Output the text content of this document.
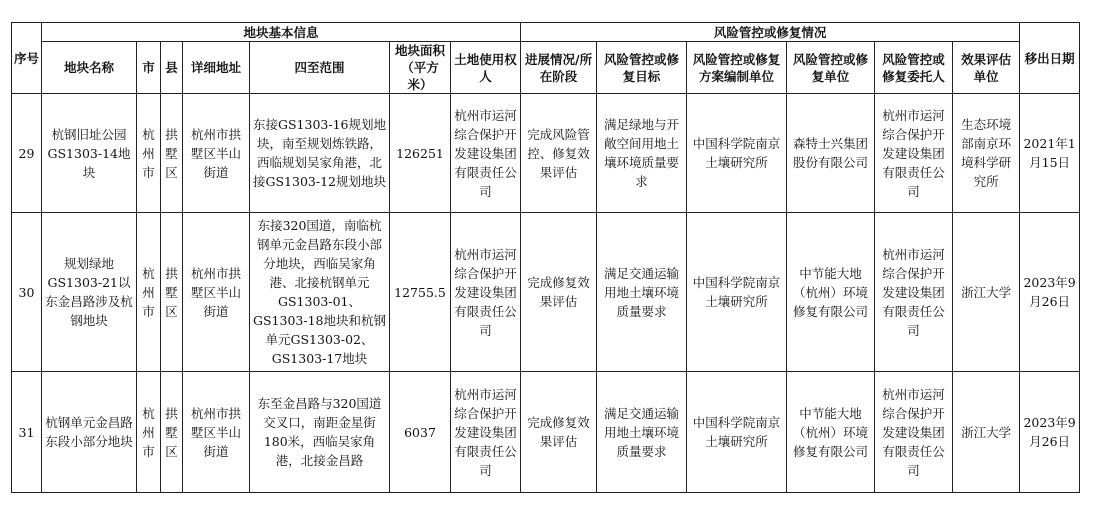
序号	地块基本信息							风险管控或修复情况						移出日期
	地块名称	市	县	详细地址	四至范围	地块面积（平方米）	土地使用权人	进展情况/所在阶段	风险管控或修复目标	风险管控或修复方案编制单位	风险管控或修复单位	风险管控或修复委托人	效果评估单位	
29	杭钢旧址公园GS1303-14地块	杭州市	拱墅区	杭州市拱墅区半山街道	东接GS1303-16规划地块，南至规划炼铁路，西临规划吴家角港，北接GS1303-12规划地块	126251	杭州市运河综合保护开发建设集团有限责任公司	完成风险管控、修复效果评估	满足绿地与开敞空间用地土壤环境质量要求	中国科学院南京土壤研究所	森特士兴集团股份有限公司	杭州市运河综合保护开发建设集团有限责任公司	生态环境部南京环境科学研究所	2021年1月15日
30	规划绿地GS1303-21以东金昌路涉及杭钢地块	杭州市	拱墅区	杭州市拱墅区半山街道	东接320国道，南临杭钢单元金昌路东段小部分地块，西临吴家角港、北接杭钢单元GS1303-01、GS1303-18地块和杭钢单元GS1303-02、GS1303-17地块	12755.5	杭州市运河综合保护开发建设集团有限责任公司	完成修复效果评估	满足交通运输用地土壤环境质量要求	中国科学院南京土壤研究所	中节能大地（杭州）环境修复有限公司	杭州市运河综合保护开发建设集团有限责任公司	浙江大学	2023年9月26日
31	杭钢单元金昌路东段小部分地块	杭州市	拱墅区	杭州市拱墅区半山街道	东至金昌路与320国道交叉口，南距金星街180米，西临吴家角港，北接金昌路	6037	杭州市运河综合保护开发建设集团有限责任公司	完成修复效果评估	满足交通运输用地土壤环境质量要求	中国科学院南京土壤研究所	中节能大地（杭州）环境修复有限公司	杭州市运河综合保护开发建设集团有限责任公司	浙江大学	2023年9月26日
